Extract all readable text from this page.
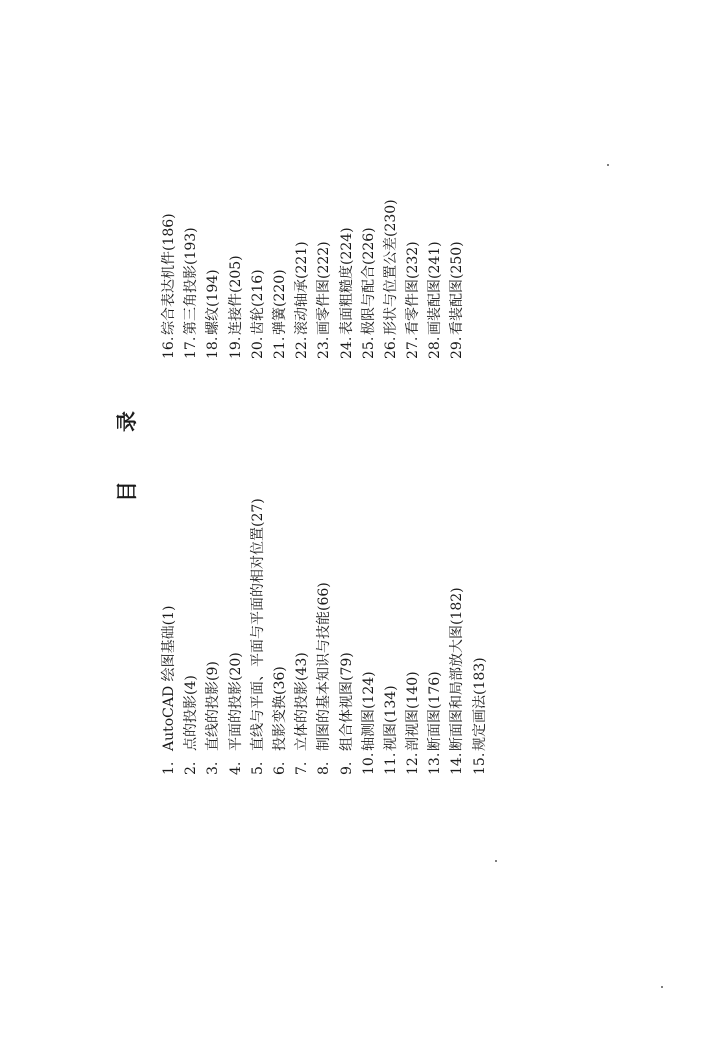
目
录
1.AutoCAD 绘图基础(1)
2.点的投影(4)
3.直线的投影(9)
4.平面的投影(20)
5.直线与平面、平面与平面的相对位置(27)
6.投影变换(36)
7.立体的投影(43)
8.制图的基本知识与技能(66)
9.组合体视图(79)
10.轴测图(124)
11.视图(134)
12.剖视图(140)
13.断面图(176)
14.断面图和局部放大图(182)
15.规定画法(183)
16.综合表达机件(186)
17.第三角投影(193)
18.螺纹(194)
19.连接件(205)
20.齿轮(216)
21.弹簧(220)
22.滚动轴承(221)
23.画零件图(222)
24.表面粗糙度(224)
25.极限与配合(226)
26.形状与位置公差(230)
27.看零件图(232)
28.画装配图(241)
29.看装配图(250)
